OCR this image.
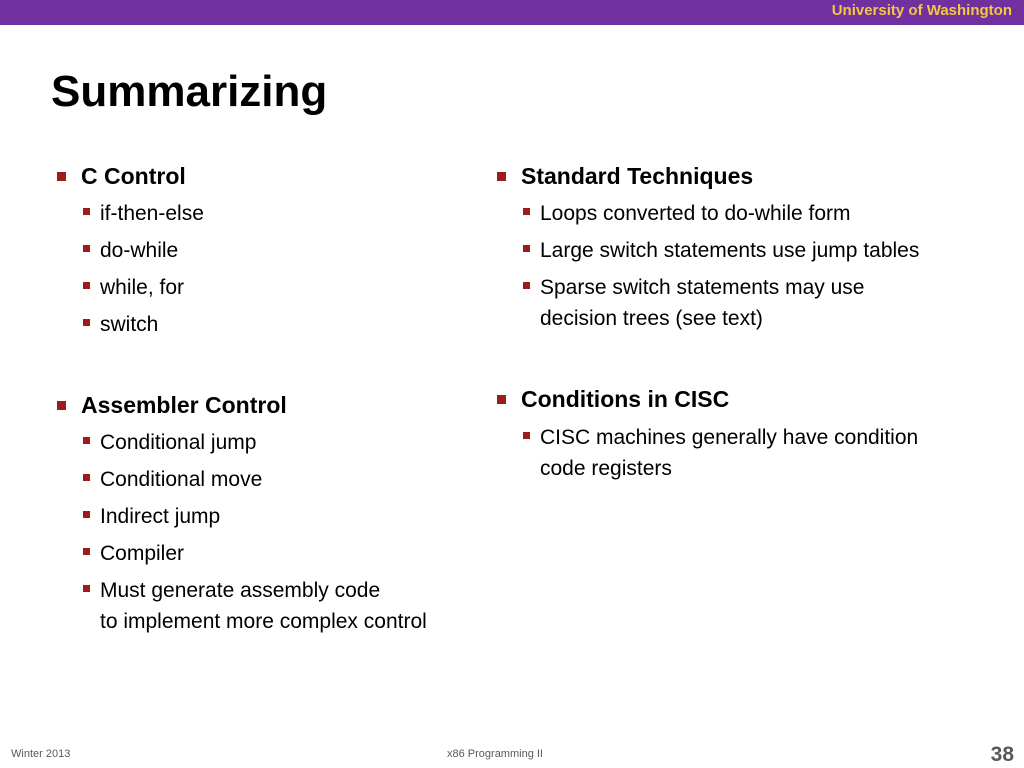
University of Washington
Summarizing
C Control
if-then-else
do-while
while, for
switch
Assembler Control
Conditional jump
Conditional move
Indirect jump
Compiler
Must generate assembly code
to implement more complex control
Standard Techniques
Loops converted to do-while form
Large switch statements use jump tables
Sparse switch statements may use
decision trees (see text)
Conditions in CISC
CISC machines generally have condition
code registers
Winter 2013	x86 Programming II	38
